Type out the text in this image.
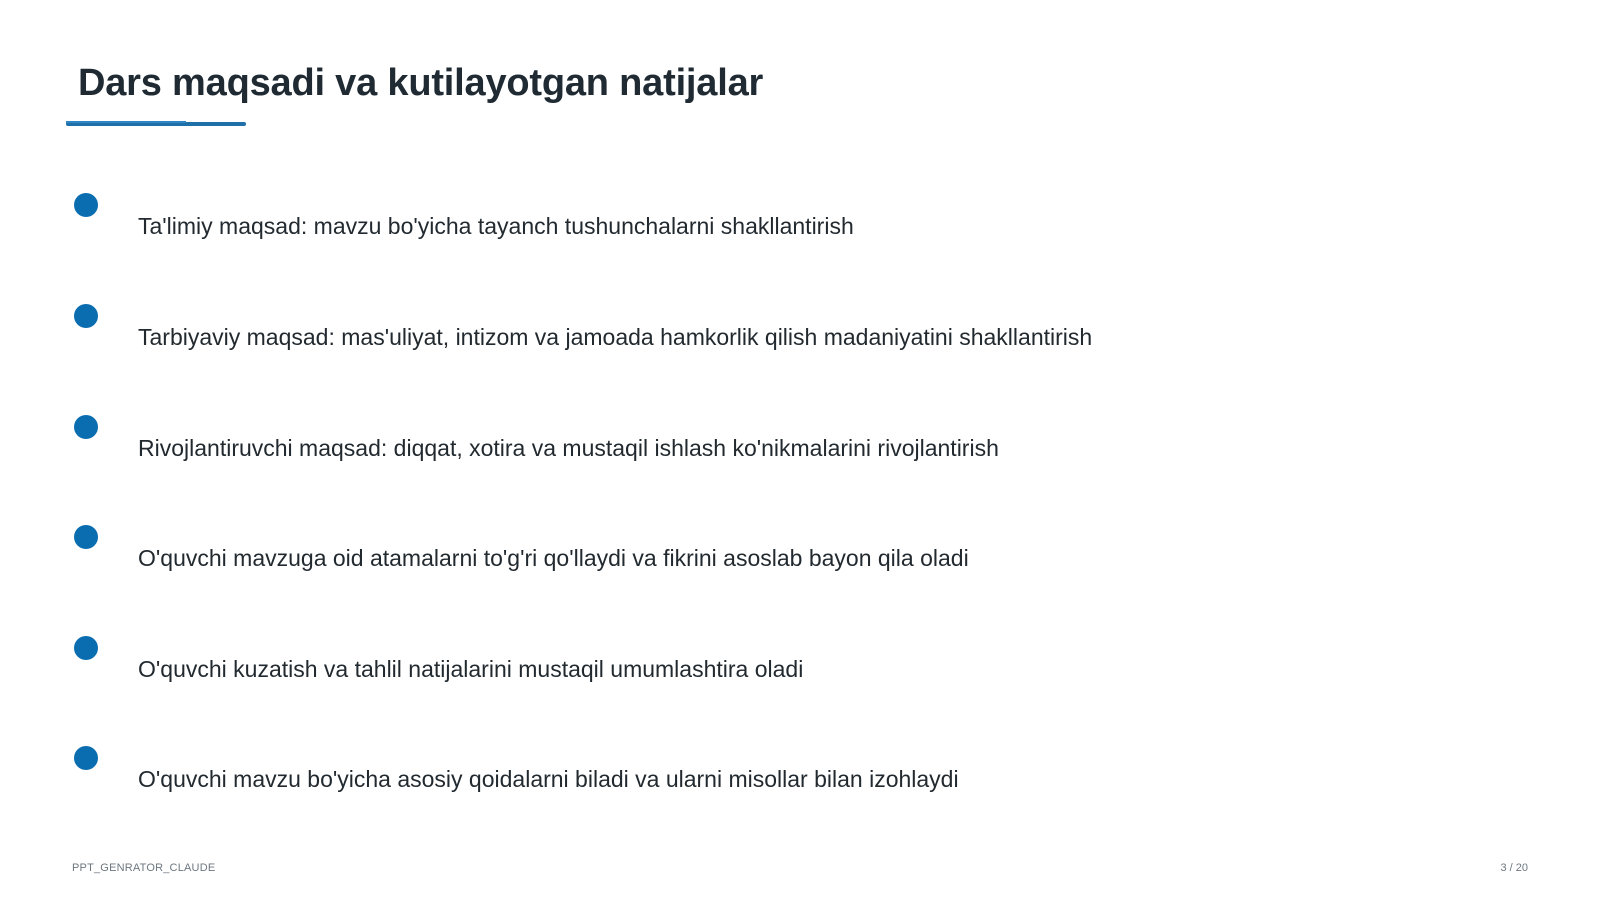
Dars maqsadi va kutilayotgan natijalar
Ta'limiy maqsad: mavzu bo'yicha tayanch tushunchalarni shakllantirish
Tarbiyaviy maqsad: mas'uliyat, intizom va jamoada hamkorlik qilish madaniyatini shakllantirish
Rivojlantiruvchi maqsad: diqqat, xotira va mustaqil ishlash ko'nikmalarini rivojlantirish
O'quvchi mavzuga oid atamalarni to'g'ri qo'llaydi va fikrini asoslab bayon qila oladi
O'quvchi kuzatish va tahlil natijalarini mustaqil umumlashtira oladi
O'quvchi mavzu bo'yicha asosiy qoidalarni biladi va ularni misollar bilan izohlaydi
PPT_GENRATOR_CLAUDE	3 / 20
